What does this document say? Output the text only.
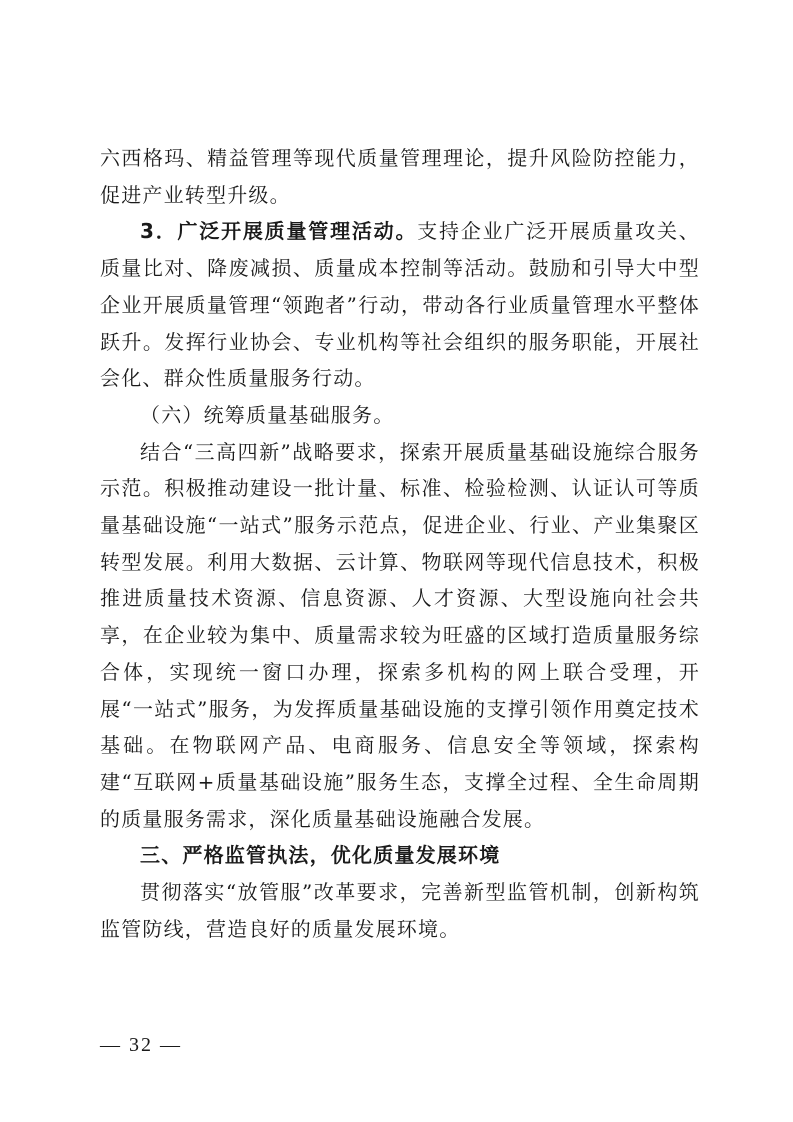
六西格玛、精益管理等现代质量管理理论，提升风险防控能力，促进产业转型升级。

3．广泛开展质量管理活动。支持企业广泛开展质量攻关、质量比对、降废减损、质量成本控制等活动。鼓励和引导大中型企业开展质量管理“领跑者”行动，带动各行业质量管理水平整体跃升。发挥行业协会、专业机构等社会组织的服务职能，开展社会化、群众性质量服务行动。

（六）统筹质量基础服务。

结合“三高四新”战略要求，探索开展质量基础设施综合服务示范。积极推动建设一批计量、标准、检验检测、认证认可等质量基础设施“一站式”服务示范点，促进企业、行业、产业集聚区转型发展。利用大数据、云计算、物联网等现代信息技术，积极推进质量技术资源、信息资源、人才资源、大型设施向社会共享，在企业较为集中、质量需求较为旺盛的区域打造质量服务综合体，实现统一窗口办理，探索多机构的网上联合受理，开展“一站式”服务，为发挥质量基础设施的支撑引领作用奠定技术基础。在物联网产品、电商服务、信息安全等领域，探索构建“互联网+质量基础设施”服务生态，支撑全过程、全生命周期的质量服务需求，深化质量基础设施融合发展。

三、严格监管执法，优化质量发展环境

贯彻落实“放管服”改革要求，完善新型监管机制，创新构筑监管防线，营造良好的质量发展环境。

— 32 —
